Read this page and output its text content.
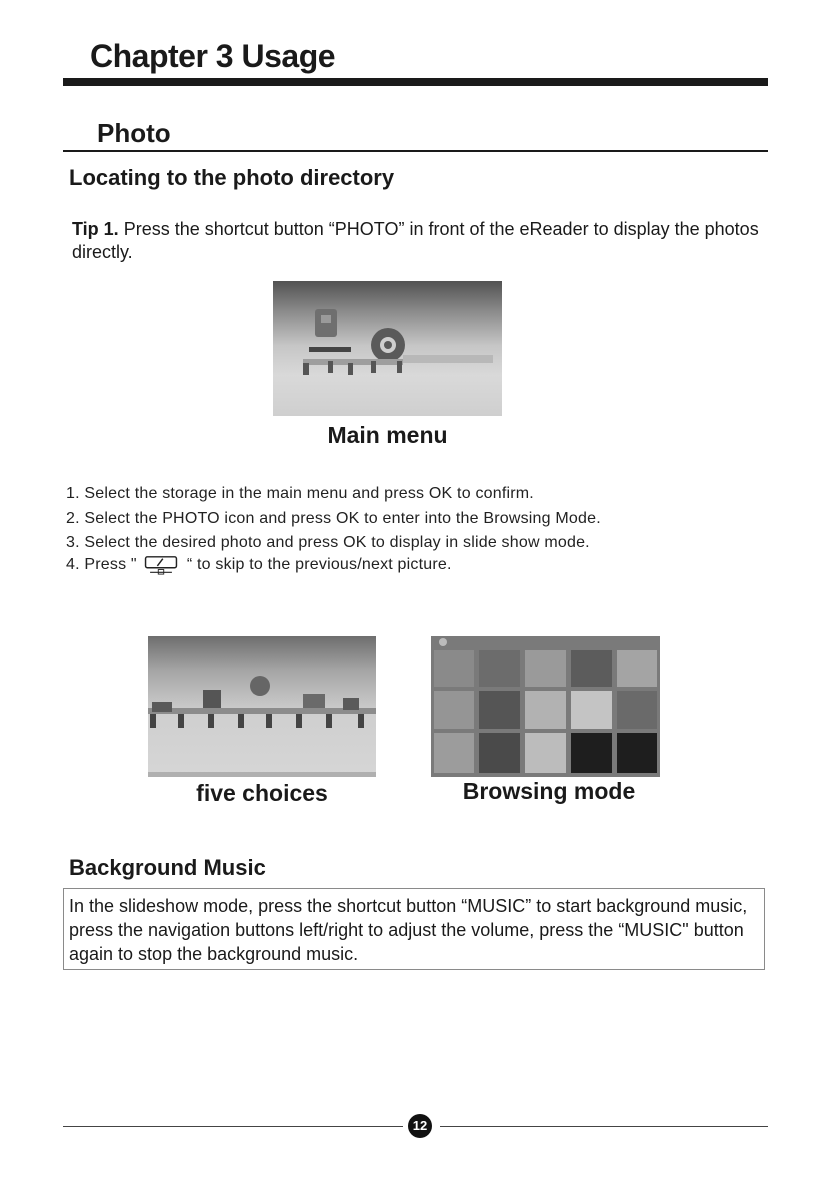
Chapter 3 Usage
Photo
Locating to the photo directory
Tip 1. Press the shortcut button “PHOTO” in front of the eReader to display the photos directly.
Main menu
1. Select the storage in the main menu and press OK to confirm.
2. Select the PHOTO icon and press OK to enter into the Browsing Mode.
3. Select the desired photo and press OK to display in slide show mode.
4. Press "	“ to skip to the previous/next picture.
five choices	Browsing mode
Background Music
In the slideshow mode, press the shortcut button “MUSIC” to start background music, press the navigation buttons left/right to adjust the volume, press the “MUSIC" button again to stop the background music.
12
